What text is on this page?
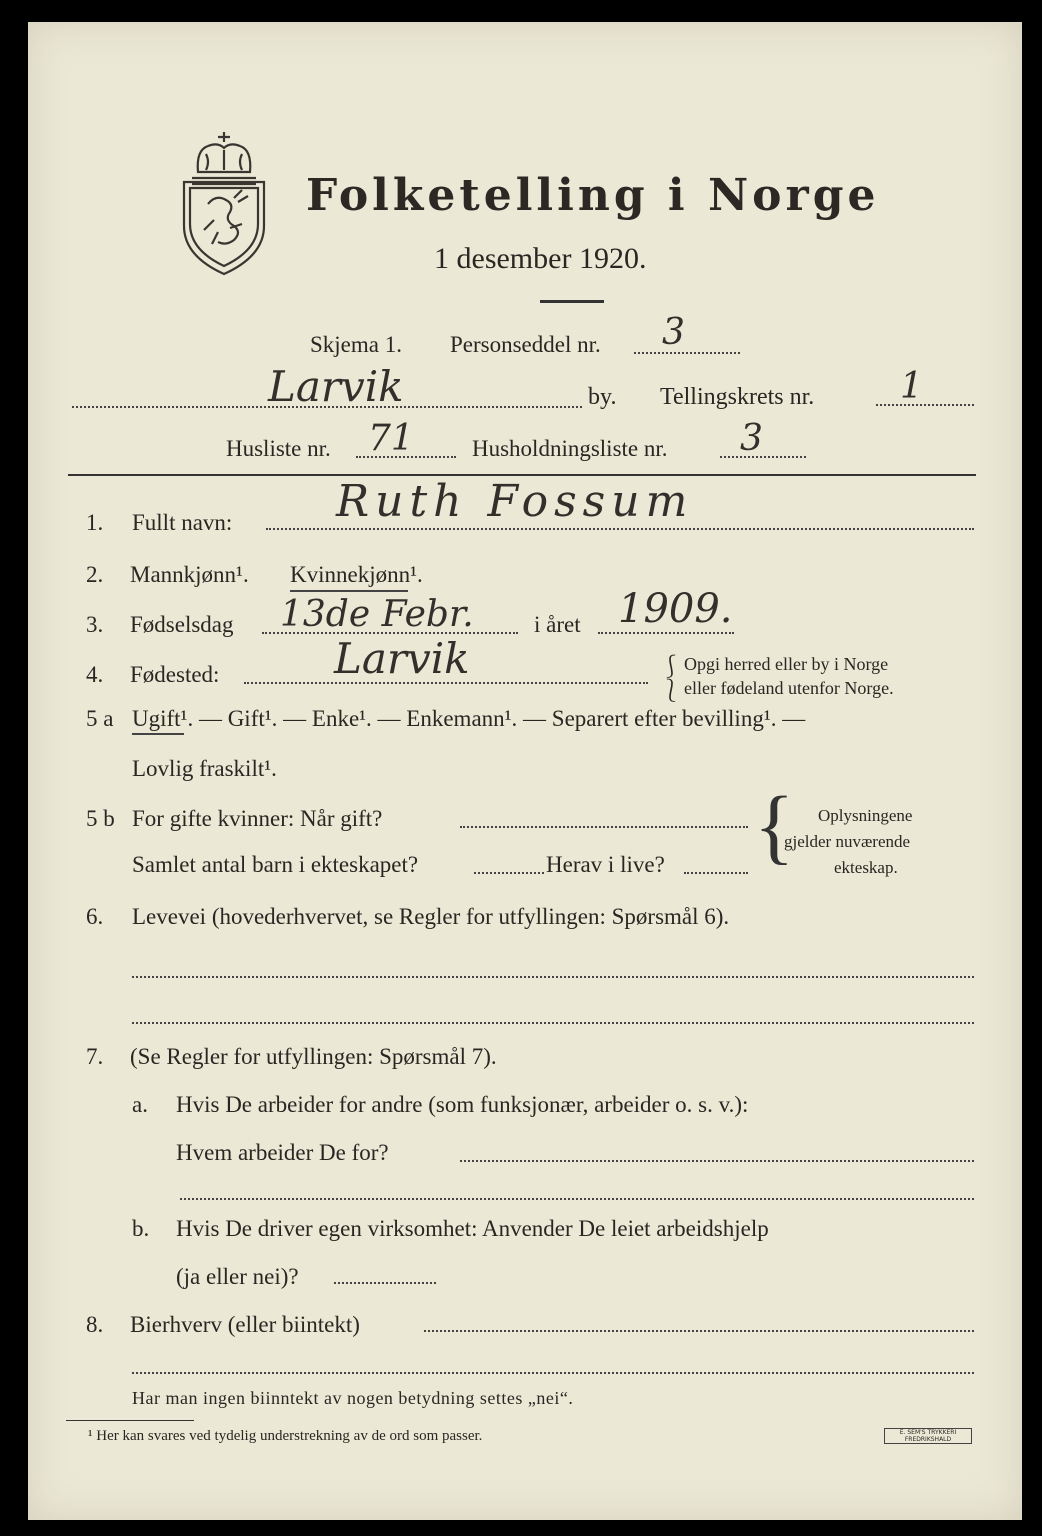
Folketelling i Norge
1 desember 1920.
Skjema 1. Personseddel nr. 3
Larvik	by. Tellingskrets nr. 1
Husliste nr. 71	Husholdningsliste nr. 3
1. Fullt navn: Ruth Fossum
2. Mannkjønn¹. Kvinnekjønn¹.
3. Fødselsdag 13de Febr.	i året 1909.
4. Fødested:	Larvik	⎰
⎱
Opgi herred eller by i Norge
eller fødeland utenfor Norge.
5 a Ugift¹. — Gift¹. — Enke¹. — Enkemann¹. — Separert efter bevilling¹. —
Lovlig fraskilt¹.
5 b For gifte kvinner: Når gift?
Samlet antal barn i ekteskapet?	Herav i live? { Oplysningene
gjelder nuværende
ekteskap.
6. Levevei (hovederhvervet, se Regler for utfyllingen: Spørsmål 6).
7. (Se Regler for utfyllingen: Spørsmål 7).
a. Hvis De arbeider for andre (som funksjonær, arbeider o. s. v.):
Hvem arbeider De for?
b. Hvis De driver egen virksomhet: Anvender De leiet arbeidshjelp
(ja eller nei)?
8. Bierhverv (eller biintekt)
Har man ingen biinntekt av nogen betydning settes „nei“.
¹ Her kan svares ved tydelig understrekning av de ord som passer.	E. SEM'S TRYKKERI FREDRIKSHALD
